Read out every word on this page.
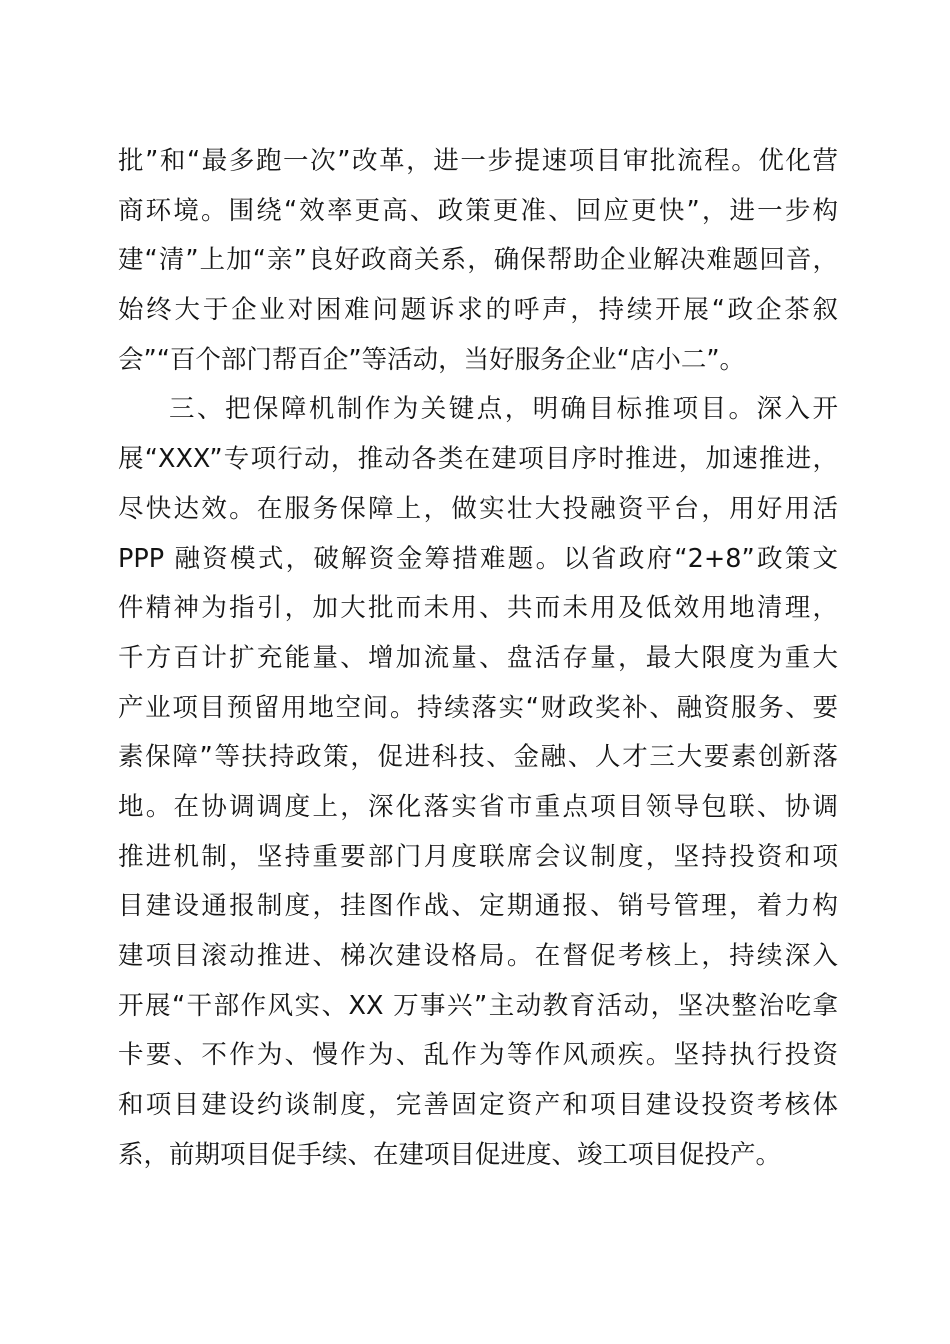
批”和“最多跑一次”改革，进一步提速项目审批流程。优化营
商环境。围绕“效率更高、政策更准、回应更快”，进一步构
建“清”上加“亲”良好政商关系，确保帮助企业解决难题回音，
始终大于企业对困难问题诉求的呼声，持续开展“政企茶叙
会”“百个部门帮百企”等活动，当好服务企业“店小二”。
三、把保障机制作为关键点，明确目标推项目。深入开
展“XXX”专项行动，推动各类在建项目序时推进，加速推进，
尽快达效。在服务保障上，做实壮大投融资平台，用好用活
PPP 融资模式，破解资金筹措难题。以省政府“2+8”政策文
件精神为指引，加大批而未用、共而未用及低效用地清理，
千方百计扩充能量、增加流量、盘活存量，最大限度为重大
产业项目预留用地空间。持续落实“财政奖补、融资服务、要
素保障”等扶持政策，促进科技、金融、人才三大要素创新落
地。在协调调度上，深化落实省市重点项目领导包联、协调
推进机制，坚持重要部门月度联席会议制度，坚持投资和项
目建设通报制度，挂图作战、定期通报、销号管理，着力构
建项目滚动推进、梯次建设格局。在督促考核上，持续深入
开展“干部作风实、XX 万事兴”主动教育活动，坚决整治吃拿
卡要、不作为、慢作为、乱作为等作风顽疾。坚持执行投资
和项目建设约谈制度，完善固定资产和项目建设投资考核体
系，前期项目促手续、在建项目促进度、竣工项目促投产。
